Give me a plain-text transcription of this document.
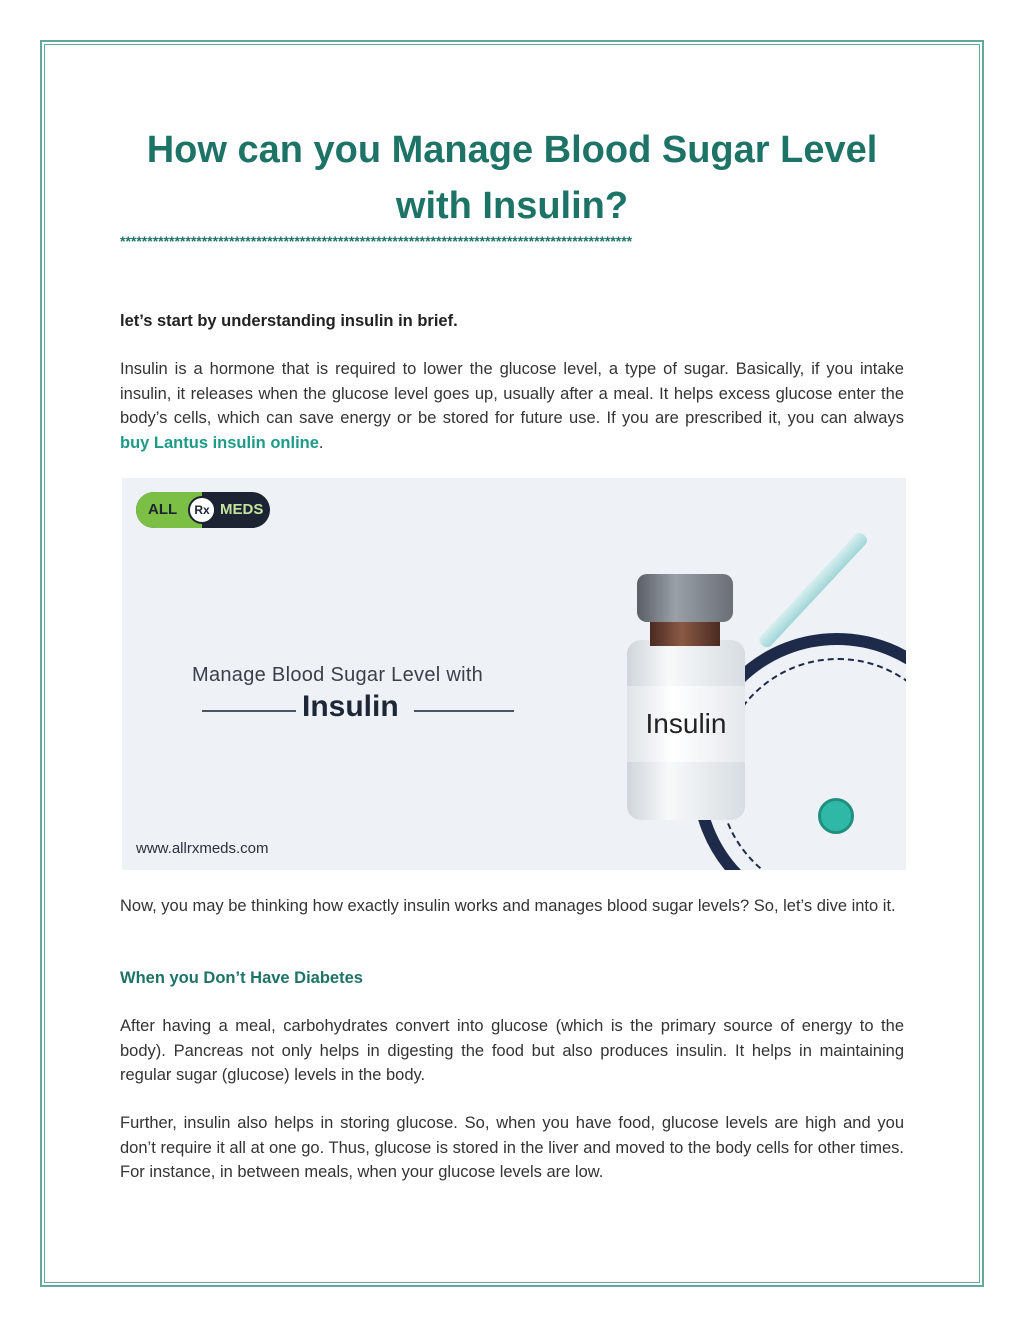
How can you Manage Blood Sugar Level with Insulin?
**********************************************************************************************
let’s start by understanding insulin in brief.
Insulin is a hormone that is required to lower the glucose level, a type of sugar. Basically, if you intake insulin, it releases when the glucose level goes up, usually after a meal. It helps excess glucose enter the body’s cells, which can save energy or be stored for future use. If you are prescribed it, you can always buy Lantus insulin online.
ALL	Rx MEDS
Manage Blood Sugar Level with
Insulin
Insulin
www.allrxmeds.com
Now, you may be thinking how exactly insulin works and manages blood sugar levels? So, let’s dive into it.
When you Don’t Have Diabetes
After having a meal, carbohydrates convert into glucose (which is the primary source of energy to the body). Pancreas not only helps in digesting the food but also produces insulin. It helps in maintaining regular sugar (glucose) levels in the body.
Further, insulin also helps in storing glucose. So, when you have food, glucose levels are high and you don’t require it all at one go. Thus, glucose is stored in the liver and moved to the body cells for other times. For instance, in between meals, when your glucose levels are low.
